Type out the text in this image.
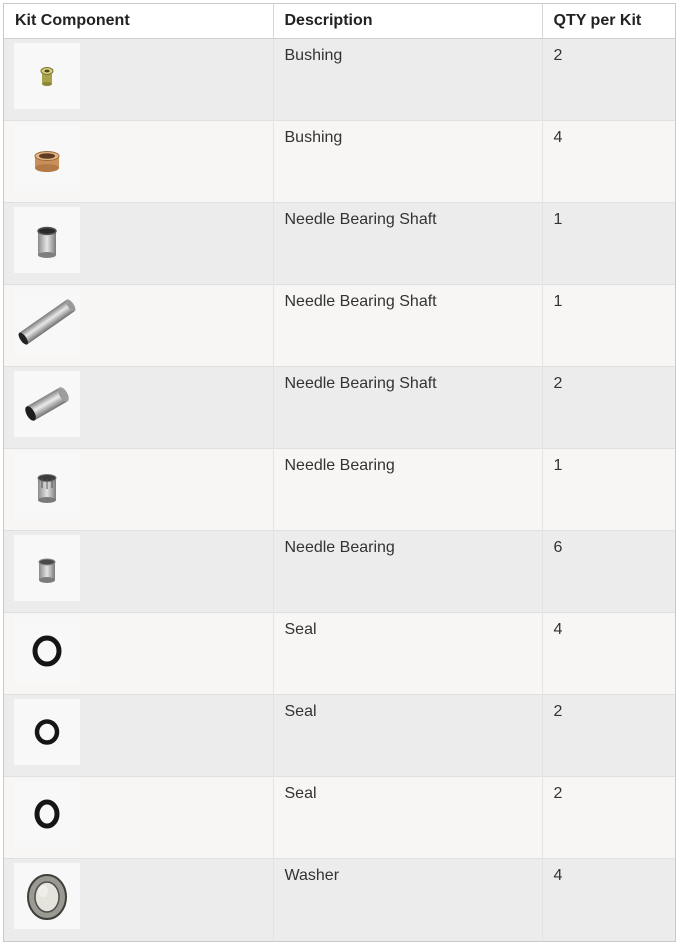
Kit Component	Description	QTY per Kit

	Bushing	2

	Bushing	4

	Needle Bearing Shaft	1

	Needle Bearing Shaft	1

	Needle Bearing Shaft	2

	Needle Bearing	1

	Needle Bearing	6

	Seal	4

	Seal	2

	Seal	2

	Washer	4
